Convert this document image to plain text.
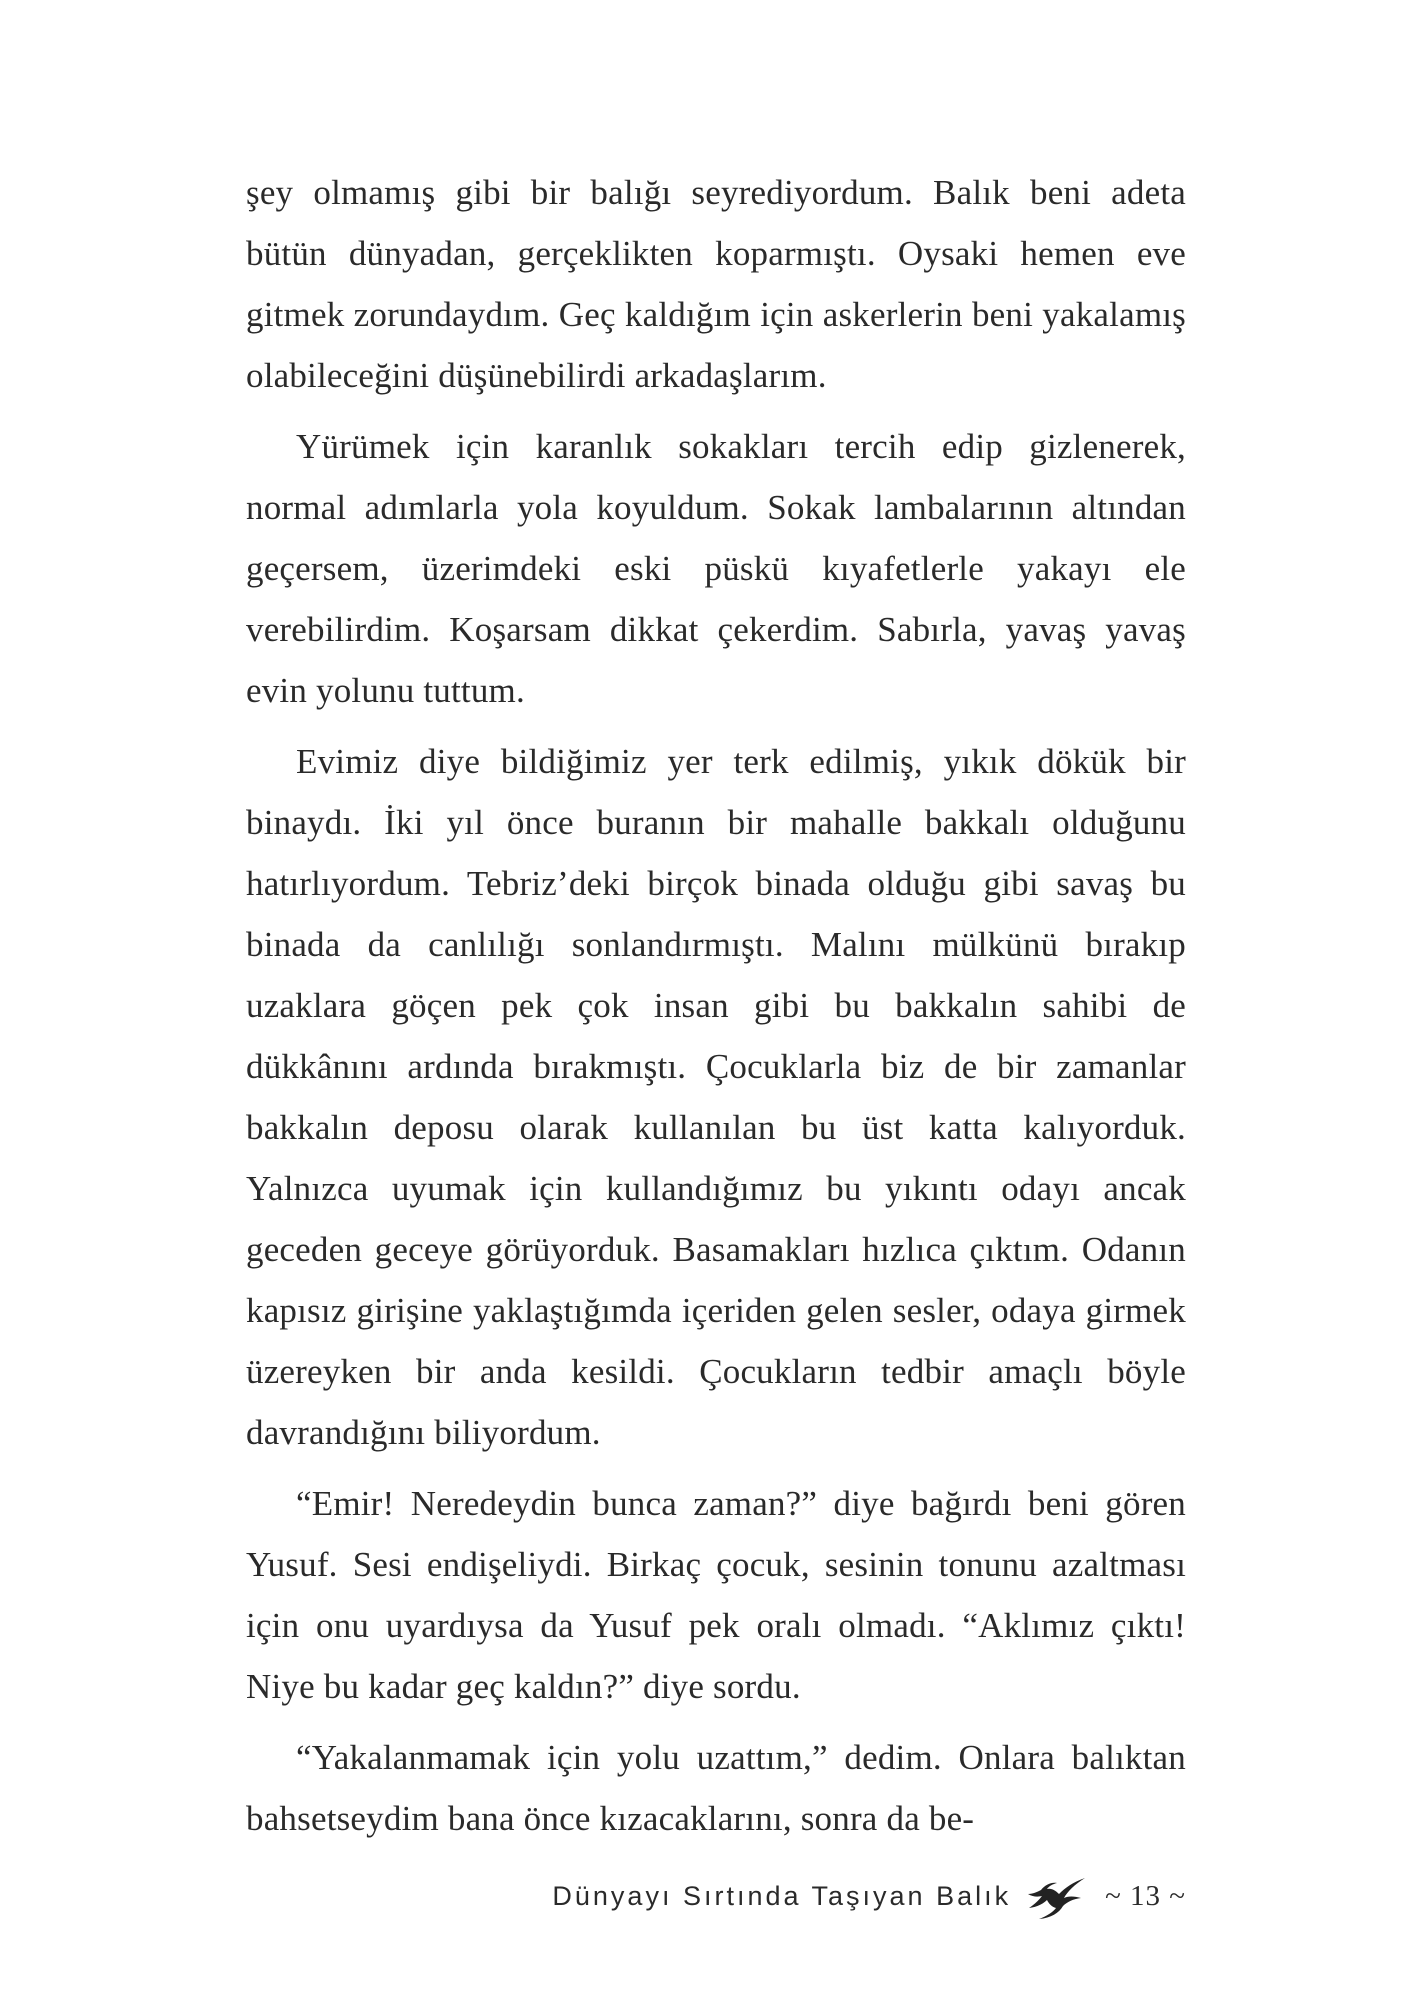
şey olmamış gibi bir balığı seyrediyordum. Balık beni adeta bütün dünyadan, gerçeklikten koparmıştı. Oysaki hemen eve gitmek zorundaydım. Geç kaldığım için askerlerin beni yakalamış olabileceğini düşünebilirdi arkadaşlarım.

Yürümek için karanlık sokakları tercih edip gizlenerek, normal adımlarla yola koyuldum. Sokak lambalarının altından geçersem, üzerimdeki eski püskü kıyafetlerle yakayı ele verebilirdim. Koşarsam dikkat çekerdim. Sabırla, yavaş yavaş evin yolunu tuttum.

Evimiz diye bildiğimiz yer terk edilmiş, yıkık dökük bir binaydı. İki yıl önce buranın bir mahalle bakkalı olduğunu hatırlıyordum. Tebriz’deki birçok binada olduğu gibi savaş bu binada da canlılığı sonlandırmıştı. Malını mülkünü bırakıp uzaklara göçen pek çok insan gibi bu bakkalın sahibi de dükkânını ardında bırakmıştı. Çocuklarla biz de bir zamanlar bakkalın deposu olarak kullanılan bu üst katta kalıyorduk. Yalnızca uyumak için kullandığımız bu yıkıntı odayı ancak geceden geceye görüyorduk. Basamakları hızlıca çıktım. Odanın kapısız girişine yaklaştığımda içeriden gelen sesler, odaya girmek üzereyken bir anda kesildi. Çocukların tedbir amaçlı böyle davrandığını biliyordum.

“Emir! Neredeydin bunca zaman?” diye bağırdı beni gören Yusuf. Sesi endişeliydi. Birkaç çocuk, sesinin tonunu azaltması için onu uyardıysa da Yusuf pek oralı olmadı. “Aklımız çıktı! Niye bu kadar geç kaldın?” diye sordu.

“Yakalanmamak için yolu uzattım,” dedim. Onlara balıktan bahsetseydim bana önce kızacaklarını, sonra da be-

Dünyayı Sırtında Taşıyan Balık	~ 13 ~
